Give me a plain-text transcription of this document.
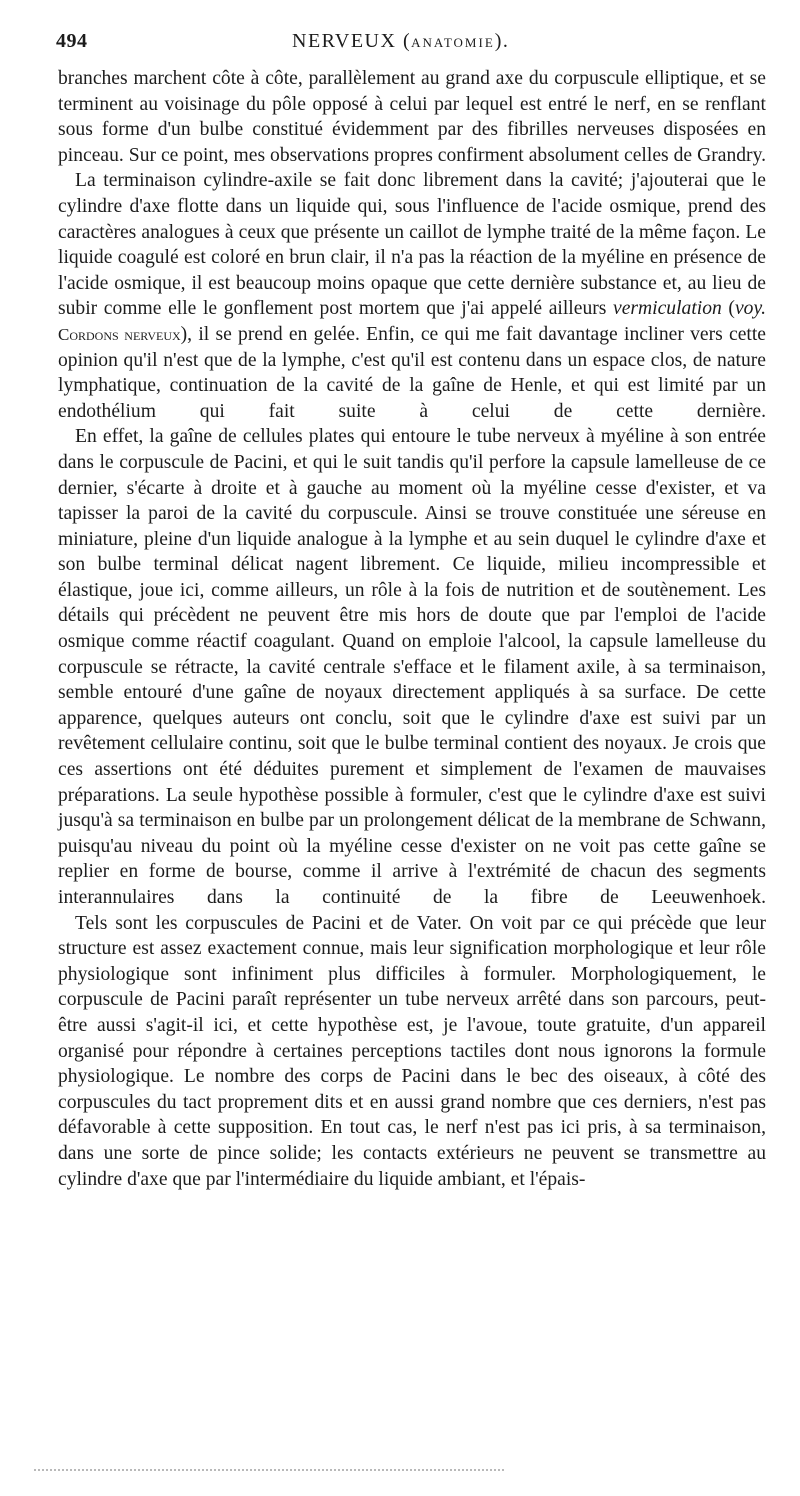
494	NERVEUX (ANATOMIE).

branches marchent côte à côte, parallèlement au grand axe du corpuscule elliptique, et se terminent au voisinage du pôle opposé à celui par lequel est entré le nerf, en se renflant sous forme d'un bulbe constitué évidemment par des fibrilles nerveuses disposées en pinceau. Sur ce point, mes observations propres confirment absolument celles de Grandry.

La terminaison cylindre-axile se fait donc librement dans la cavité; j'ajouterai que le cylindre d'axe flotte dans un liquide qui, sous l'influence de l'acide osmique, prend des caractères analogues à ceux que présente un caillot de lymphe traité de la même façon. Le liquide coagulé est coloré en brun clair, il n'a pas la réaction de la myéline en présence de l'acide osmique, il est beaucoup moins opaque que cette dernière substance et, au lieu de subir comme elle le gonflement post mortem que j'ai appelé ailleurs vermiculation (voy. Cordons nerveux), il se prend en gelée. Enfin, ce qui me fait davantage incliner vers cette opinion qu'il n'est que de la lymphe, c'est qu'il est contenu dans un espace clos, de nature lymphatique, continuation de la cavité de la gaîne de Henle, et qui est limité par un endothélium qui fait suite à celui de cette dernière.

En effet, la gaîne de cellules plates qui entoure le tube nerveux à myéline à son entrée dans le corpuscule de Pacini, et qui le suit tandis qu'il perfore la capsule lamelleuse de ce dernier, s'écarte à droite et à gauche au moment où la myéline cesse d'exister, et va tapisser la paroi de la cavité du corpuscule. Ainsi se trouve constituée une séreuse en miniature, pleine d'un liquide analogue à la lymphe et au sein duquel le cylindre d'axe et son bulbe terminal délicat nagent librement. Ce liquide, milieu incompressible et élastique, joue ici, comme ailleurs, un rôle à la fois de nutrition et de soutènement. Les détails qui précèdent ne peuvent être mis hors de doute que par l'emploi de l'acide osmique comme réactif coagulant. Quand on emploie l'alcool, la capsule lamelleuse du corpuscule se rétracte, la cavité centrale s'efface et le filament axile, à sa terminaison, semble entouré d'une gaîne de noyaux directement appliqués à sa surface. De cette apparence, quelques auteurs ont conclu, soit que le cylindre d'axe est suivi par un revêtement cellulaire continu, soit que le bulbe terminal contient des noyaux. Je crois que ces assertions ont été déduites purement et simplement de l'examen de mauvaises préparations. La seule hypothèse possible à formuler, c'est que le cylindre d'axe est suivi jusqu'à sa terminaison en bulbe par un prolongement délicat de la membrane de Schwann, puisqu'au niveau du point où la myéline cesse d'exister on ne voit pas cette gaîne se replier en forme de bourse, comme il arrive à l'extrémité de chacun des segments interannulaires dans la continuité de la fibre de Leeuwenhoek.

Tels sont les corpuscules de Pacini et de Vater. On voit par ce qui précède que leur structure est assez exactement connue, mais leur signification morphologique et leur rôle physiologique sont infiniment plus difficiles à formuler. Morphologiquement, le corpuscule de Pacini paraît représenter un tube nerveux arrêté dans son parcours, peut-être aussi s'agit-il ici, et cette hypothèse est, je l'avoue, toute gratuite, d'un appareil organisé pour répondre à certaines perceptions tactiles dont nous ignorons la formule physiologique. Le nombre des corps de Pacini dans le bec des oiseaux, à côté des corpuscules du tact proprement dits et en aussi grand nombre que ces derniers, n'est pas défavorable à cette supposition. En tout cas, le nerf n'est pas ici pris, à sa terminaison, dans une sorte de pince solide; les contacts extérieurs ne peuvent se transmettre au cylindre d'axe que par l'intermédiaire du liquide ambiant, et l'épais-
